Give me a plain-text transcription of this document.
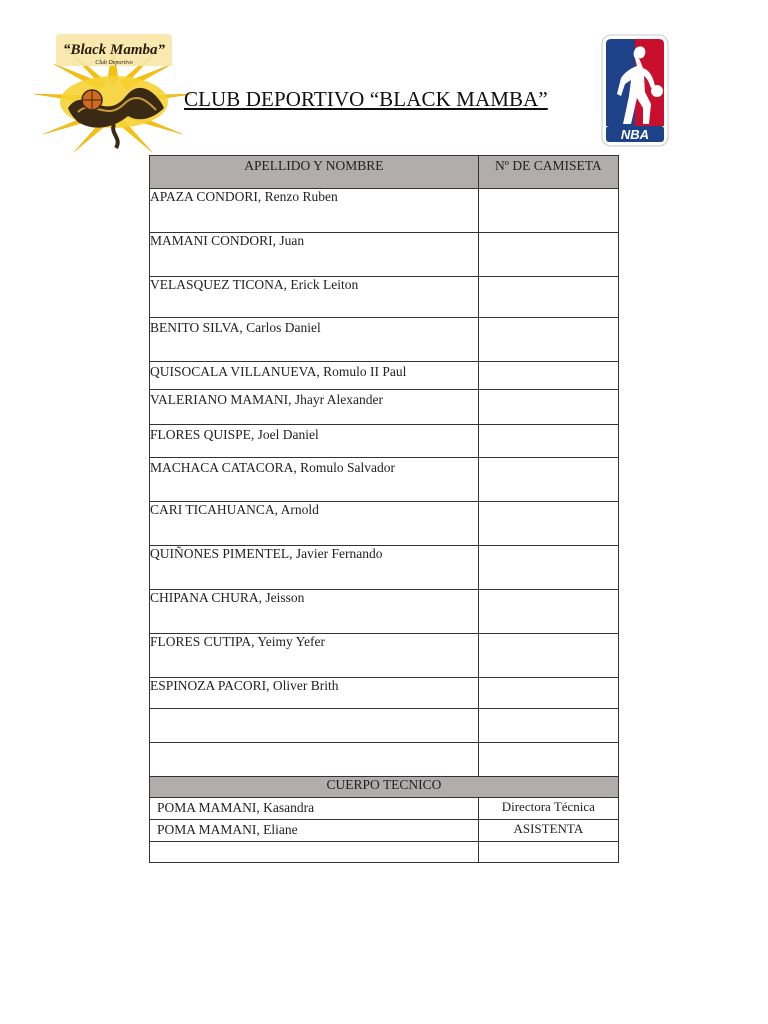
“Black Mamba”
Club Deportivo
CLUB DEPORTIVO “BLACK MAMBA”
NBA
APELLIDO Y NOMBRE	Nº DE CAMISETA
APAZA CONDORI, Renzo Ruben	
MAMANI CONDORI, Juan	
VELASQUEZ TICONA, Erick Leiton	
BENITO SILVA, Carlos Daniel	
QUISOCALA VILLANUEVA, Romulo II Paul	
VALERIANO MAMANI, Jhayr Alexander	
FLORES QUISPE, Joel Daniel	
MACHACA CATACORA, Romulo Salvador	
CARI TICAHUANCA, Arnold	
QUIÑONES PIMENTEL, Javier Fernando	
CHIPANA CHURA, Jeisson	
FLORES CUTIPA, Yeimy Yefer	
ESPINOZA PACORI, Oliver Brith	

CUERPO TECNICO	
POMA MAMANI, Kasandra	Directora Técnica
POMA MAMANI, Eliane	ASISTENTA
